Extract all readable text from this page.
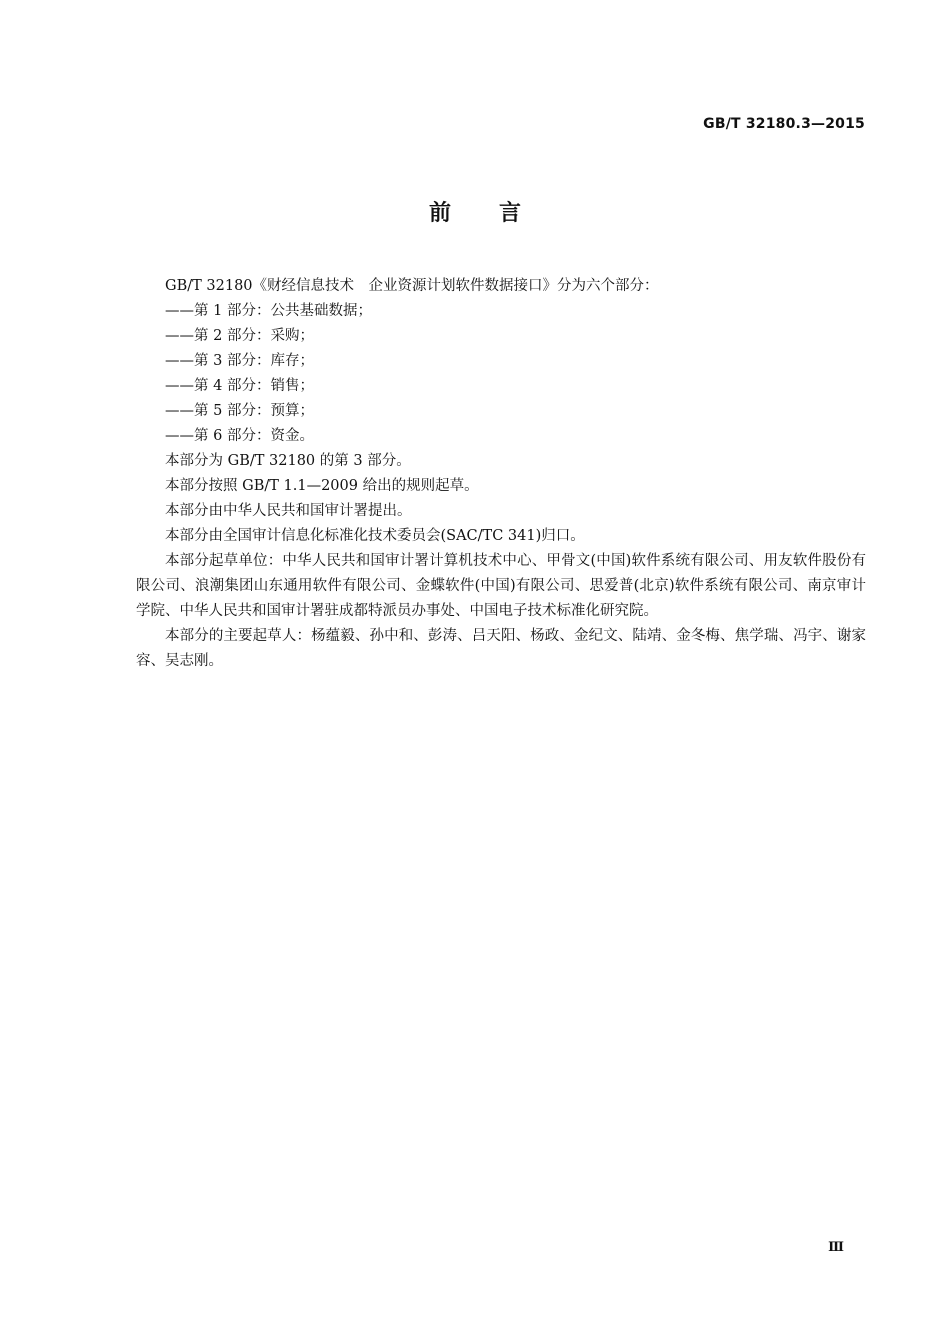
GB/T 32180.3—2015
前言

GB/T 32180《财经信息技术　企业资源计划软件数据接口》分为六个部分：

——第 1 部分：公共基础数据；

——第 2 部分：采购；

——第 3 部分：库存；

——第 4 部分：销售；

——第 5 部分：预算；

——第 6 部分：资金。

本部分为 GB/T 32180 的第 3 部分。

本部分按照 GB/T 1.1—2009 给出的规则起草。

本部分由中华人民共和国审计署提出。

本部分由全国审计信息化标准化技术委员会(SAC/TC 341)归口。

本部分起草单位：中华人民共和国审计署计算机技术中心、甲骨文(中国)软件系统有限公司、用友软件股份有限公司、浪潮集团山东通用软件有限公司、金蝶软件(中国)有限公司、思爱普(北京)软件系统有限公司、南京审计学院、中华人民共和国审计署驻成都特派员办事处、中国电子技术标准化研究院。

本部分的主要起草人：杨蕴毅、孙中和、彭涛、吕天阳、杨政、金纪文、陆靖、金冬梅、焦学瑞、冯宇、谢家容、吴志刚。

Ⅲ
